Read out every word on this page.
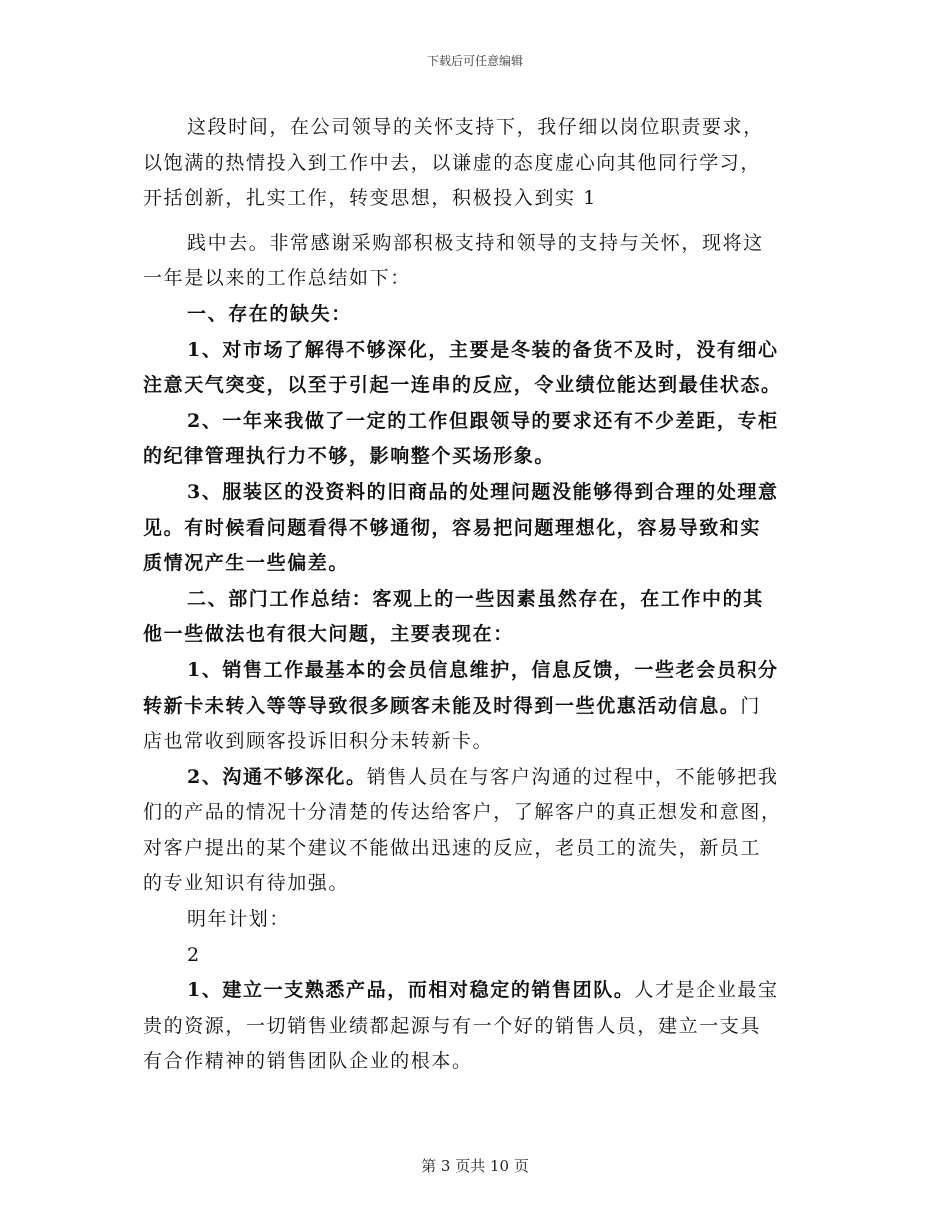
下载后可任意编辑
这段时间，在公司领导的关怀支持下，我仔细以岗位职责要求，
以饱满的热情投入到工作中去，以谦虚的态度虚心向其他同行学习，
开括创新，扎实工作，转变思想，积极投入到实 1
践中去。非常感谢采购部积极支持和领导的支持与关怀，现将这
一年是以来的工作总结如下：
一、存在的缺失：
1、对市场了解得不够深化，主要是冬装的备货不及时，没有细心
注意天气突变，以至于引起一连串的反应，令业绩位能达到最佳状态。
2、一年来我做了一定的工作但跟领导的要求还有不少差距，专柜
的纪律管理执行力不够，影响整个买场形象。
3、服装区的没资料的旧商品的处理问题没能够得到合理的处理意
见。有时候看问题看得不够通彻，容易把问题理想化，容易导致和实
质情况产生一些偏差。
二、部门工作总结：客观上的一些因素虽然存在，在工作中的其
他一些做法也有很大问题，主要表现在：
1、销售工作最基本的会员信息维护，信息反馈，一些老会员积分
转新卡未转入等等导致很多顾客未能及时得到一些优惠活动信息。门
店也常收到顾客投诉旧积分未转新卡。
2、沟通不够深化。销售人员在与客户沟通的过程中，不能够把我
们的产品的情况十分清楚的传达给客户，了解客户的真正想发和意图，
对客户提出的某个建议不能做出迅速的反应，老员工的流失，新员工
的专业知识有待加强。
明年计划：
2
1、建立一支熟悉产品，而相对稳定的销售团队。人才是企业最宝
贵的资源，一切销售业绩都起源与有一个好的销售人员，建立一支具
有合作精神的销售团队企业的根本。
第 3 页共 10 页
